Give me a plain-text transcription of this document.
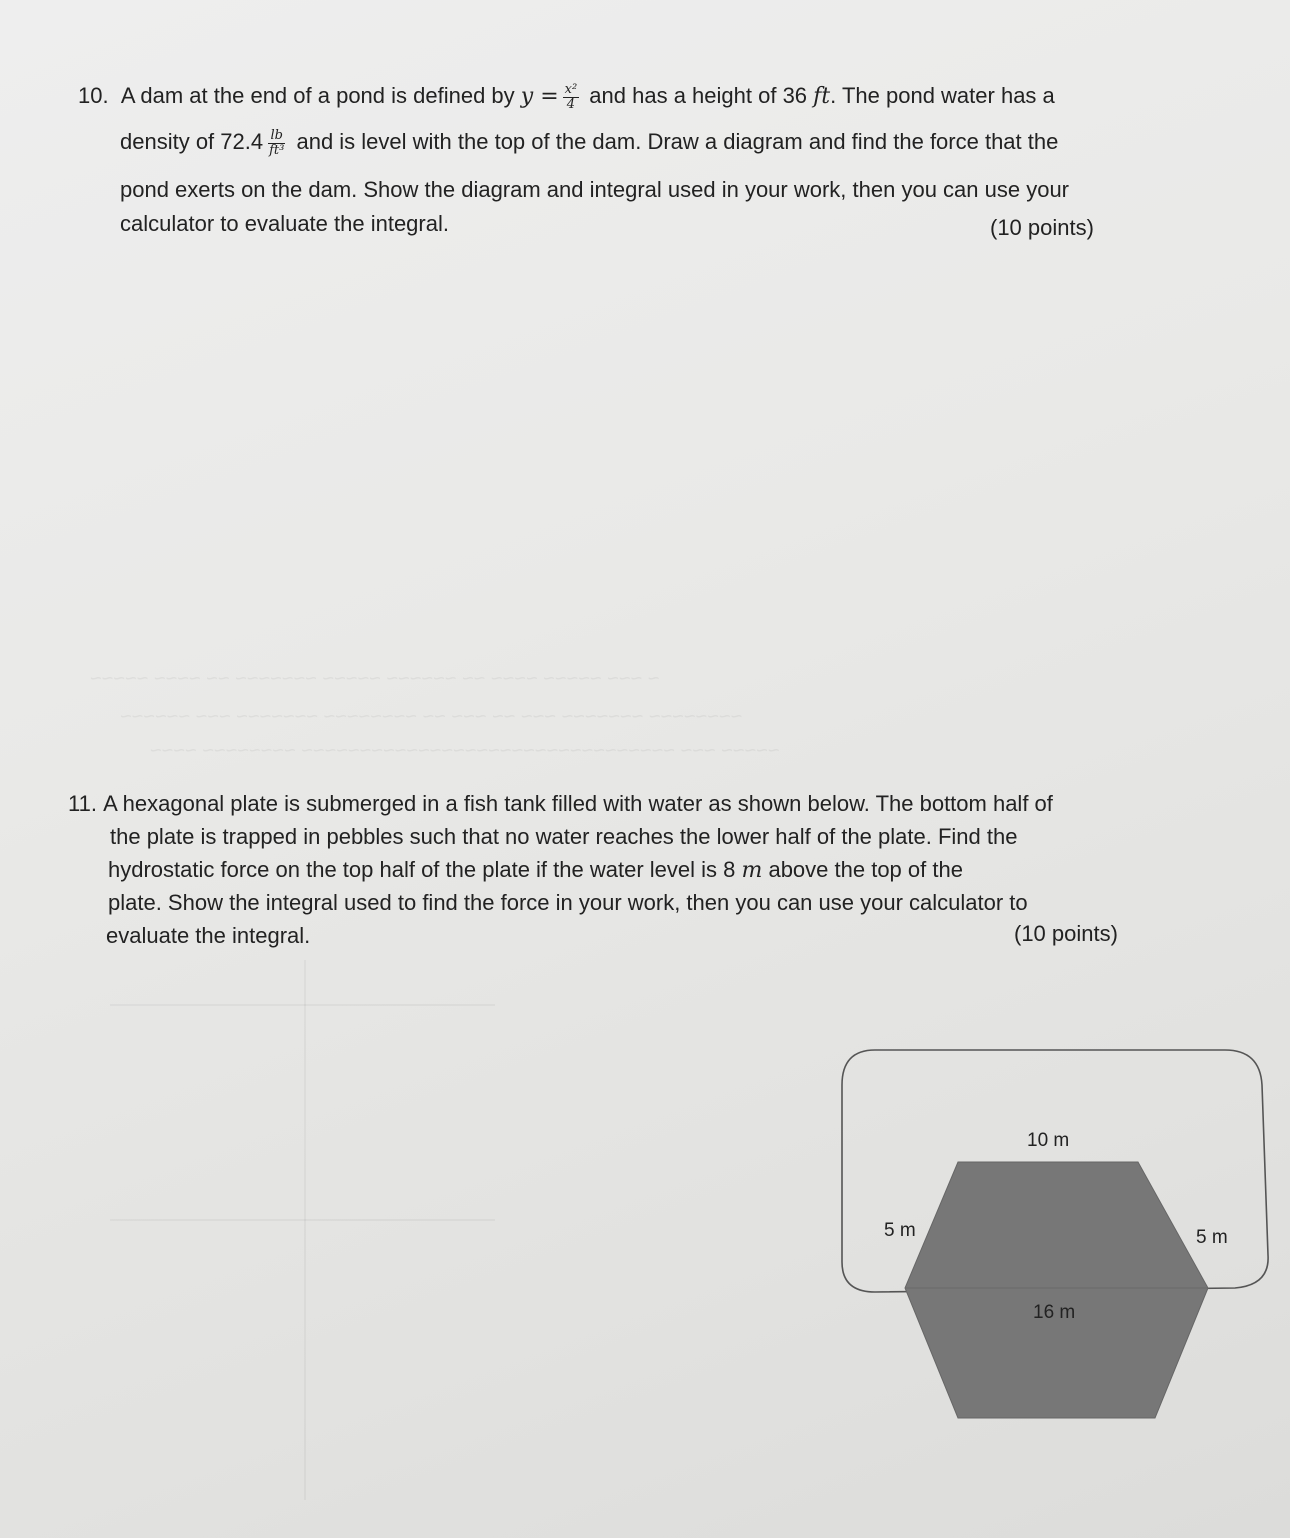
10. A dam at the end of a pond is defined by $y = \frac{\text{x²}}{4}$ and has a height of 36 ft. The pond water has a
density of $72.4 \frac{lb}{\text{ft³}}$ and is level with the top of the dam. Draw a diagram and find the force that the
pond exerts on the dam. Show the diagram and integral used in your work, then you can use your
calculator to evaluate the integral.	(10 points)
~ ~~~ ~~~~~ ~~~~ ~~ ~~~~~~ ~~~~~ ~~~~~~~ ~~ ~~~~ ~~~~~
~~~~~~~~ ~~~~~~~ ~~~ ~~ ~~~ ~~ ~~~~~~~~ ~~~~~~~ ~~~ ~~~~~~
~~~~~ ~~~ ~~~~~~~~~~~~~~~~~~~~~~~~~~~~~~~~ ~~~~~~~~ ~~~~
11. A hexagonal plate is submerged in a fish tank filled with water as shown below. The bottom half of
the plate is trapped in pebbles such that no water reaches the lower half of the plate. Find the
hydrostatic force on the top half of the plate if the water level is 8 m above the top of the
plate. Show the integral used to find the force in your work, then you can use your calculator to
evaluate the integral.	(10 points)
10 m
5 m	5 m
16 m
